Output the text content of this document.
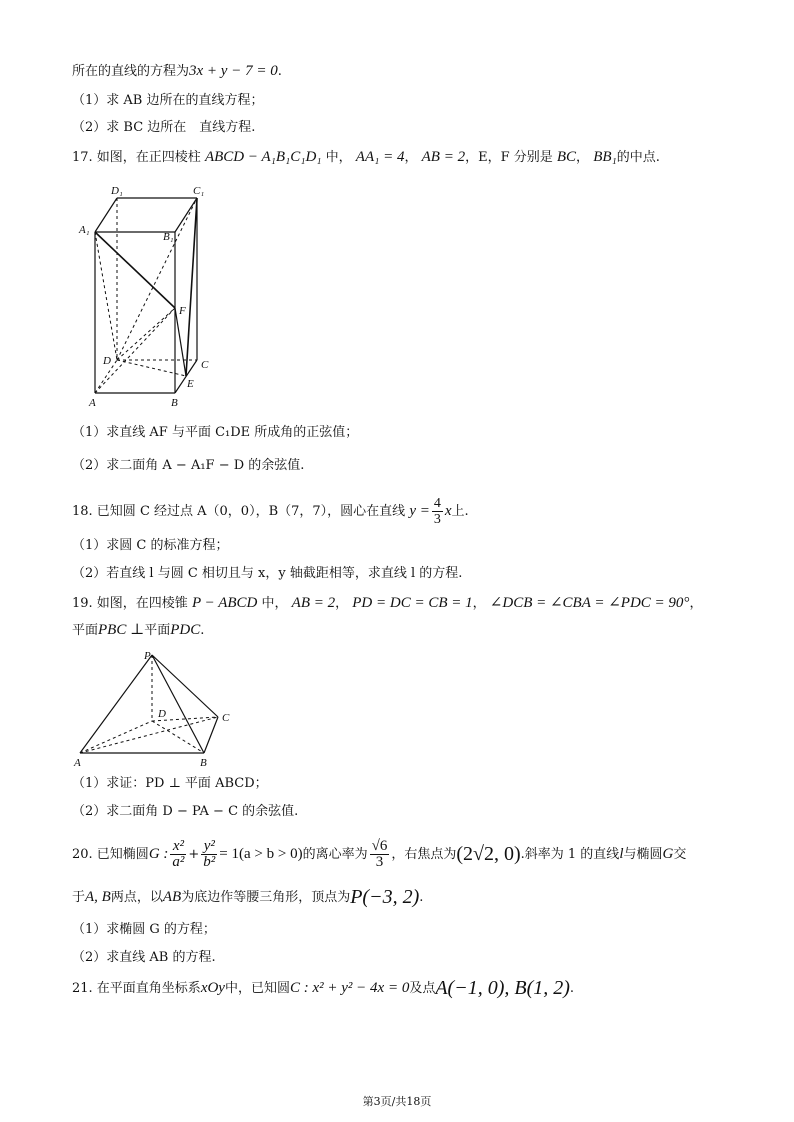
所在的直线的方程为3x + y − 7 = 0.
（1）求 AB 边所在的直线方程；
（2）求 BC 边所在　直线方程.
17. 如图，在正四棱柱 ABCD − A₁B₁C₁D₁ 中， AA₁ = 4， AB = 2，E，F 分别是 BC， BB₁的中点.
D₁	C₁
A₁
B₁
F
D	C
E
A	B
（1）求直线 AF 与平面 C₁DE 所成角的正弦值；
（2）求二面角 A − A₁F − D 的余弦值.
18. 已知圆 C 经过点 A（0，0），B（7，7），圆心在直线 $y = \frac{4}{3}$ x上.
（1）求圆 C 的标准方程；
（2）若直线 l 与圆 C 相切且与 x，y 轴截距相等，求直线 l 的方程.
19. 如图，在四棱锥 P − ABCD 中， AB = 2， PD = DC = CB = 1， ∠DCB = ∠CBA = ∠PDC = 90°，
平面PBC ⊥平面PDC.
P
D	C
A	B
（1）求证：PD ⊥ 平面 ABCD；
（2）求二面角 D − PA − C 的余弦值.
20. 已知椭圆G : $\frac{\text{x²}}{\text{a²}} + \frac{\text{y²}}{\text{b²}} = 1(a > b > 0)$的离心率为 $\frac{√6}{3}$ ，右焦点为(2√2, 0).斜率为 1 的直线l与椭圆G交
于A, B两点，以AB为底边作等腰三角形，顶点为P(−3, 2).
（1）求椭圆 G 的方程；
（2）求直线 AB 的方程.
21. 在平面直角坐标系xOy中，已知圆C : x² + y² − 4x = 0及点A(−1, 0), B(1, 2).
第3页/共18页
